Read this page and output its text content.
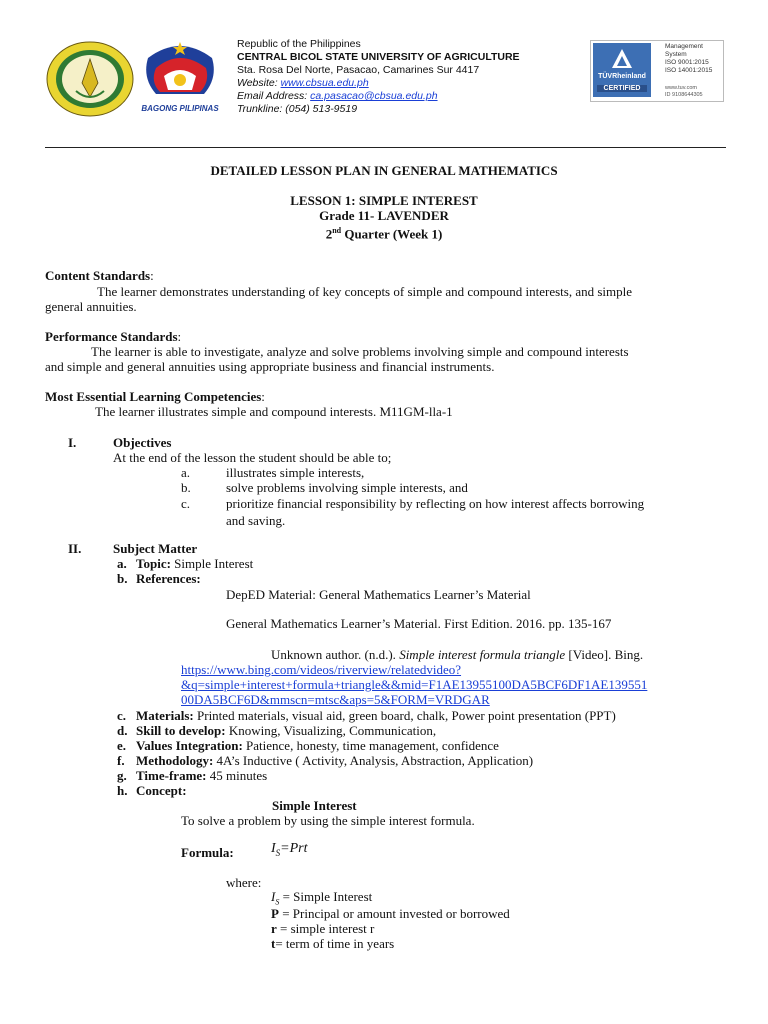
BAGONG PILIPINAS
Republic of the Philippines
CENTRAL BICOL STATE UNIVERSITY OF AGRICULTURE
Sta. Rosa Del Norte, Pasacao, Camarines Sur 4417
Website: www.cbsua.edu.ph
Email Address: ca.pasacao@cbsua.edu.ph
Trunkline: (054) 513-9519
TÜVRheinland
CERTIFIED
Management
System
ISO 9001:2015
ISO 14001:2015
www.tuv.com
ID 9108644305
DETAILED LESSON PLAN IN GENERAL MATHEMATICS
LESSON 1: SIMPLE INTEREST
Grade 11- LAVENDER
2nd Quarter (Week 1)
Content Standards:
The learner demonstrates understanding of key concepts of simple and compound interests, and simple
general annuities.
Performance Standards:
The learner is able to investigate, analyze and solve problems involving simple and compound interests
and simple and general annuities using appropriate business and financial instruments.
Most Essential Learning Competencies:
The learner illustrates simple and compound interests. M11GM-lla-1
I.	Objectives
At the end of the lesson the student should be able to;
a.	illustrates simple interests,
b.	solve problems involving simple interests, and
c.	prioritize financial responsibility by reflecting on how interest affects borrowing
and saving.
II. Subject Matter
a. Topic: Simple Interest
b. References:
DepED Material: General Mathematics Learner’s Material
General Mathematics Learner’s Material. First Edition. 2016. pp. 135-167
Unknown author. (n.d.). Simple interest formula triangle [Video]. Bing.
https://www.bing.com/videos/riverview/relatedvideo?
&q=simple+interest+formula+triangle&&mid=F1AE13955100DA5BCF6DF1AE139551
00DA5BCF6D&mmscn=mtsc&aps=5&FORM=VRDGAR
c. Materials: Printed materials, visual aid, green board, chalk, Power point presentation (PPT)
d. Skill to develop: Knowing, Visualizing, Communication,
e. Values Integration: Patience, honesty, time management, confidence
f. Methodology: 4A’s Inductive ( Activity, Analysis, Abstraction, Application)
g. Time-frame: 45 minutes
h. Concept:
Simple Interest
To solve a problem by using the simple interest formula.
Formula:	$I_S=Prt$
where:
$I_S$ = Simple Interest
P = Principal or amount invested or borrowed
r = simple interest r
t= term of time in years
